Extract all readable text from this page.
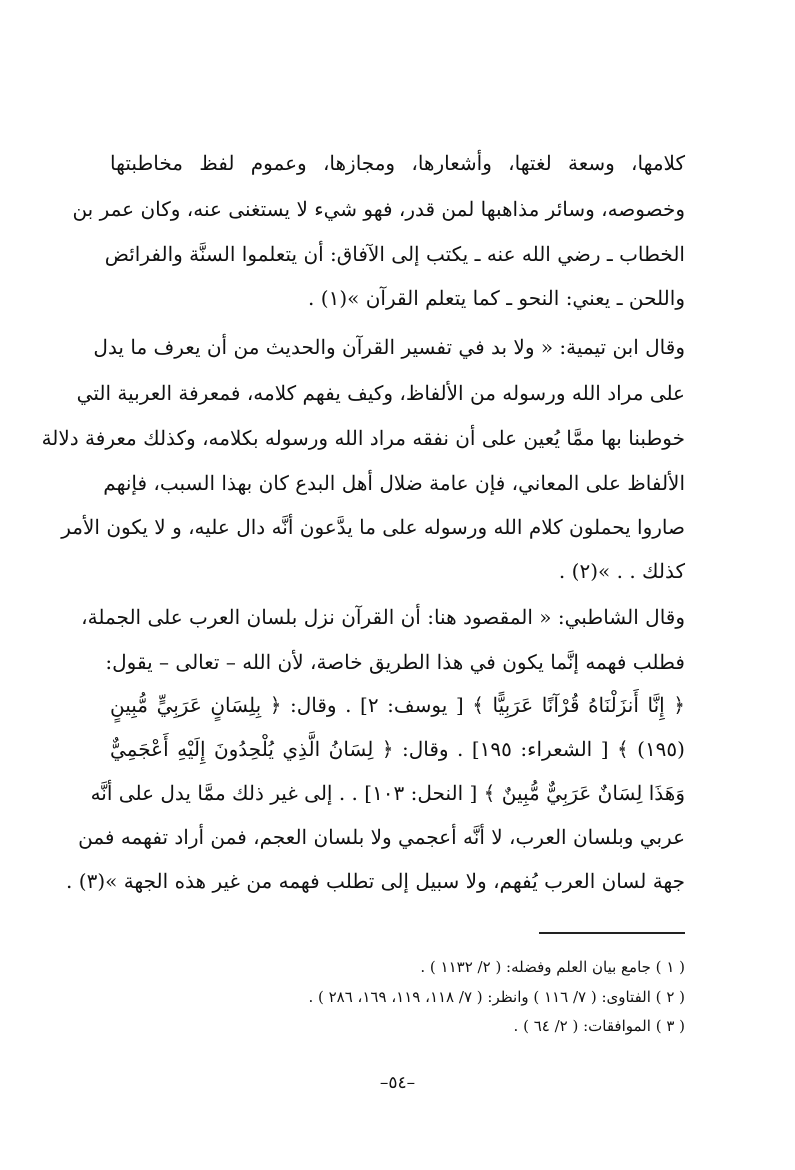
كلامها، وسعة لغتها، وأشعارها، ومجازها، وعموم لفظ مخاطبتها
وخصوصه، وسائر مذاهبها لمن قدر، فهو شيء لا يستغنى عنه، وكان عمر بن
الخطاب ـ رضي الله عنه ـ يكتب إلى الآفاق: أن يتعلموا السنَّة والفرائض
واللحن ـ يعني: النحو ـ كما يتعلم القرآن »(١) .
وقال ابن تيمية: « ولا بد في تفسير القرآن والحديث من أن يعرف ما يدل
على مراد الله ورسوله من الألفاظ، وكيف يفهم كلامه، فمعرفة العربية التي
خوطبنا بها ممَّا يُعين على أن نفقه مراد الله ورسوله بكلامه، وكذلك معرفة دلالة
الألفاظ على المعاني، فإن عامة ضلال أهل البدع كان بهذا السبب، فإنهم
صاروا يحملون كلام الله ورسوله على ما يدَّعون أنَّه دال عليه، و لا يكون الأمر
كذلك . . »(٢) .
وقال الشاطبي: « المقصود هنا: أن القرآن نزل بلسان العرب على الجملة،
فطلب فهمه إنَّما يكون في هذا الطريق خاصة، لأن الله – تعالى – يقول:
﴿ إِنَّا أَنزَلْنَاهُ قُرْآنًا عَرَبِيًّا ﴾ [ يوسف: ٢] . وقال: ﴿ بِلِسَانٍ عَرَبِيٍّ مُّبِينٍ
(١٩٥) ﴾ [ الشعراء: ١٩٥] . وقال: ﴿ لِسَانُ الَّذِي يُلْحِدُونَ إِلَيْهِ أَعْجَمِيٌّ
وَهَذَا لِسَانٌ عَرَبِيٌّ مُّبِينٌ ﴾ [ النحل: ١٠٣] . . إلى غير ذلك ممَّا يدل على أنَّه
عربي وبلسان العرب، لا أنَّه أعجمي ولا بلسان العجم، فمن أراد تفهمه فمن
جهة لسان العرب يُفهم، ولا سبيل إلى تطلب فهمه من غير هذه الجهة »(٣) .
( ١ ) جامع بيان العلم وفضله: ( ٢/ ١١٣٢ ) .
( ٢ ) الفتاوى: ( ٧/ ١١٦ ) وانظر: ( ٧/ ١١٨، ١١٩، ١٦٩، ٢٨٦ ) .
( ٣ ) الموافقات: ( ٢/ ٦٤ ) .
–٥٤–
